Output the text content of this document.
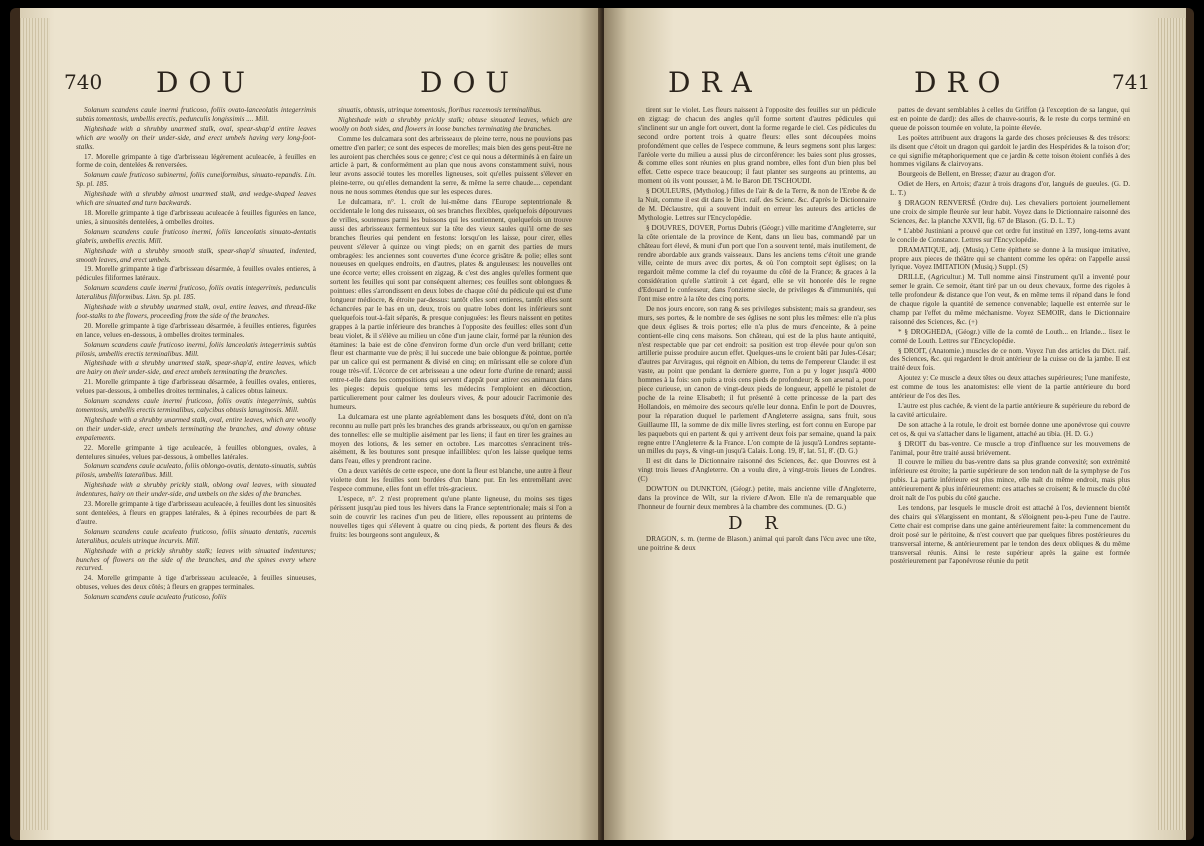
740 DOU	DOU

Solanum scandens caule inermi fruticoso, foliis ovato-lanceolatis integerrimis subtùs tomentosis, umbellis erectis, pedunculis longissimis .... Mill.

Nightshade with a shrubby unarmed stalk, oval, spear-shap'd entire leaves which are woolly on their under-side, and erect umbels having very long-foot-stalks.

17. Morelle grimpante à tige d'arbrisseau légérement aculeacée, à feuilles en forme de coin, dentelées & renversées.

Solanum caule fruticoso subinermi, foliis cuneiformibus, sinuato-repandis. Lin. Sp. pl. 185.

Nightshade with a shrubby almost unarmed stalk, and wedge-shaped leaves which are sinuated and turn backwards.

18. Morelle grimpante à tige d'arbrisseau aculeacée à feuilles figurées en lance, unies, à sinuosités dentelées, à ombelles droites.

Solanum scandens caule fruticoso inermi, foliis lanceolatis sinuato-dentatis glabris, umbellis erectis. Mill.

Nightshade with a shrubby smooth stalk, spear-shap'd sinuated, indented, smooth leaves, and erect umbels.

19. Morelle grimpante à tige d'arbrisseau désarmée, à feuilles ovales entieres, à pédicules filiformes latéraux.

Solanum scandens caule inermi fruticoso, foliis ovatis integerrimis, pedunculis lateralibus filiformibus. Linn. Sp. pl. 185.

Nightshade with a shrubby unarmed stalk, oval, entire leaves, and thread-like foot-stalks to the flowers, proceeding from the side of the branches.

20. Morelle grimpante à tige d'arbrisseau désarmée, à feuilles entieres, figurées en lance, velues en-dessous, à ombelles droites terminales.

Solanum scandens caule fruticoso inermi, foliis lanceolatis integerrimis subtùs pilosis, umbellis erectis terminalibus. Mill.

Nightshade with a shrubby unarmed stalk, spear-shap'd, entire leaves, which are hairy on their under-side, and erect umbels terminating the branches.

21. Morelle grimpante à tige d'arbrisseau désarmée, à feuilles ovales, entieres, velues par-dessous, à ombelles droites terminales, à calices obtus laineux.

Solanum scandens caule inermi fruticoso, foliis ovatis integerrimis, subtùs tomentosis, umbellis erectis terminalibus, calycibus obtusis lanuginosis. Mill.

Nightshade with a shrubby unarmed stalk, oval, entire leaves, which are woolly on their under-side, erect umbels terminating the branches, and downy obtuse empalements.

22. Morelle grimpante à tige aculeacée, à feuilles oblongues, ovales, à dentelures sinuées, velues par-dessous, à ombelles latérales.

Solanum scandens caule aculeato, foliis oblongo-ovatis, dentato-sinuatis, subtùs pilosis, umbellis lateralibus. Mill.

Nightshade with a shrubby prickly stalk, oblong oval leaves, with sinuated indentures, hairy on their under-side, and umbels on the sides of the branches.

23. Morelle grimpante à tige d'arbrisseau aculeacée, à feuilles dont les sinuosités sont dentelées, à fleurs en grappes latérales, & à épines recourbées de part & d'autre.

Solanum scandens caule aculeato fruticoso, foliis sinuato dentatis, racemis lateralibus, aculeis utrinque incurvis. Mill.

Nightshade with a prickly shrubby stalk; leaves with sinuated indentures; bunches of flowers on the side of the branches, and the spines every where recurved.

24. Morelle grimpante à tige d'arbrisseau aculeacée, à feuilles sinueuses, obtuses, velues des deux côtés; à fleurs en grappes terminales.

Solanum scandens caule aculeato fruticoso, foliis

sinuatis, obtusis, utrinque tomentosis, floribus racemosis terminalibus.

Nightshade with a shrubby prickly stalk; obtuse sinuated leaves, which are woolly on both sides, and flowers in loose bunches terminating the branches.

Comme les dulcamara sont des arbrisseaux de pleine terre, nous ne pouvions pas omettre d'en parler; ce sont des especes de morelles; mais bien des gens peut-être ne les auroient pas cherchées sous ce genre; c'est ce qui nous a déterminés à en faire un article à part, & conformément au plan que nous avons constamment suivi, nous leur avons associé toutes les morelles ligneuses, soit qu'elles puissent s'élever en pleine-terre, ou qu'elles demandent la serre, & même la serre chaude.... cependant nous ne nous sommes étendus que sur les especes dures.

Le dulcamara, n°. 1. croît de lui-même dans l'Europe septentrionale & occidentale le long des ruisseaux, où ses branches flexibles, quelquefois dépourvues de vrilles, soutenues parmi les buissons qui les soutiennent, quelquefois un trouve aussi des arbrisseaux fermenteux sur la tête des vieux saules qui'il orne de ses branches fleuries qui pendent en festons: lorsqu'on les laisse, pour cirer, elles peuvent s'élever à quinze ou vingt pieds; on en garnit des parties de murs ombragées: les anciennes sont couvertes d'une écorce grisâtre & polie; elles sont noueuses en quelques endroits, en d'autres, plates & anguleuses: les nouvelles ont une écorce verte; elles croissent en zigzag, & c'est des angles qu'elles forment que sortent les feuilles qui sont par conséquent alternes; ces feuilles sont oblongues & pointues: elles s'arrondissent en deux lobes de chaque côté du pédicule qui est d'une longueur médiocre, & étroite par-dessus: tantôt elles sont entieres, tantôt elles sont échancrées par le bas en un, deux, trois ou quatre lobes dont les inférieurs sont quelquefois tout-à-fait séparés, & presque conjuguées: les fleurs naissent en petites grappes à la partie inférieure des branches à l'opposite des feuilles: elles sont d'un beau violet, & il s'élève au milieu un cône d'un jaune clair, formé par la réunion des étamines: la baie est de cône d'environ forme d'un orcle d'un verd brillant; cette fleur est charmante vue de près; il lui succede une baie oblongue & pointue, portée par un calice qui est permanent & divisé en cinq; en mûrissant elle se colore d'un rouge très-vif. L'écorce de cet arbrisseau a une odeur forte d'urine de renard; aussi entre-t-elle dans les compositions qui servent d'appât pour attirer ces animaux dans les pieges: depuis quelque tems les médecins l'emploient en décoction, particulierement pour calmer les douleurs vives, & pour adoucir l'acrimonie des humeurs.

La dulcamara est une plante agréablement dans les bosquets d'été, dont on n'a reconnu au nulle part près les branches des grands arbrisseaux, ou qu'on en garnisse des tonnelles: elle se multiplie aisément par les liens; il faut en tirer les graines au moyen des lotions, & les semer en octobre. Les marcottes s'enracinent très-aisément, & les boutures sont presque infaillibles: qu'on les laisse quelque tems dans l'eau, elles y prendront racine.

On a deux variétés de cette espece, une dont la fleur est blanche, une autre à fleur violette dont les feuilles sont bordées d'un blanc pur. En les entremêlant avec l'espece commune, elles font un effet très-gracieux.

L'espece, n°. 2 n'est proprement qu'une plante ligneuse, du moins ses tiges périssent jusqu'au pied tous les hivers dans la France septentrionale; mais si l'on a soin de couvrir les racines d'un peu de litiere, elles repoussent au printems de nouvelles tiges qui s'élevent à quatre ou cinq pieds, & portent des fleurs & des fruits: les bourgeons sont anguleux, &

DRA	DRO	741

tirent sur le violet. Les fleurs naissent à l'opposite des feuilles sur un pédicule en zigzag: de chacun des angles qu'il forme sortent d'autres pédicules qui s'inclinent sur un angle fort ouvert, dont la forme regarde le ciel. Ces pédicules du second ordre portent trois à quatre fleurs: elles sont découpées moins profondément que celles de l'espece commune, & leurs segmens sont plus larges: l'aréole verte du milieu a aussi plus de circonférence: les baies sont plus grosses, & comme elles sont réunies en plus grand nombre, elles font d'un bien plus bel effet. Cette espece trace beaucoup; il faut planter ses surgeons au printems, au moment où ils vont pousser, à M. le Baron DE TSCHOUDI.

§ DOULEURS, (Mytholog.) filles de l'air & de la Terre, & non de l'Erebe & de la Nuit, comme il est dit dans le Dict. raif. des Scienc. &c. d'après le Dictionnaire de M. Déclaustre, qui a souvent induit en erreur les auteurs des articles de Mythologie. Lettres sur l'Encyclopédie.

§ DOUVRES, DOVER, Portus Dubris (Géogr.) ville maritime d'Angleterre, sur la côte orientale de la province de Kent, dans un lieu bas, commandé par un château fort élevé, & muni d'un port que l'on a souvent tenté, mais inutilement, de rendre abordable aux grands vaisseaux. Dans les anciens tems c'étoit une grande ville, ceinte de murs avec dix portes, & où l'on comptoit sept églises; on la regardoit même comme la clef du royaume du côté de la France; & graces à la considération qu'elle s'attiroit à cet égard, elle se vit honorée dès le regne d'Edouard le confesseur, dans l'onzieme siecle, de privileges & d'immunités, qui l'ont mise entre à la tête des cinq ports.

De nos jours encore, son rang & ses privileges subsistent; mais sa grandeur, ses murs, ses portes, & le nombre de ses églises ne sont plus les mêmes: elle n'a plus que deux églises & trois portes; elle n'a plus de murs d'enceinte, & à peine contient-elle cinq cens maisons. Son château, qui est de la plus haute antiquité, n'est respectable que par cet endroit: sa position est trop élevée pour qu'on son artillerie puisse produire aucun effet. Quelques-uns le croient bâti par Jules-César; d'autres par Arviragus, qui régnoit en Albion, du tems de l'empereur Claude: il est vaste, au point que pendant la derniere guerre, l'on a pu y loger jusqu'à 4000 hommes à la fois: son puits a trois cens pieds de profondeur; & son arsenal a, pour piece curieuse, un canon de vingt-deux pieds de longueur, appellé le pistolet de poche de la reine Elisabeth; il fut présenté à cette princesse de la part des Hollandois, en mémoire des secours qu'elle leur donna. Enfin le port de Douvres, pour la réparation duquel le parlement d'Angleterre assigna, sans fruit, sous Guillaume III, la somme de dix mille livres sterling, est fort connu en Europe par les paquebots qui en partent & qui y arrivent deux fois par semaine, quand la paix regne entre l'Angleterre & la France. L'on compte de là jusqu'à Londres septante-un milles du pays, & vingt-un jusqu'à Calais. Long. 19, 8', lat. 51, 8'. (D. G.)

Il est dit dans le Dictionnaire raisonné des Sciences, &c. que Douvres est à vingt trois lieues d'Angleterre. On a voulu dire, à vingt-trois lieues de Londres. (C)

DOWTON ou DUNKTON, (Géogr.) petite, mais ancienne ville d'Angleterre, dans la province de Wilt, sur la riviere d'Avon. Elle n'a de remarquable que l'honneur de fournir deux membres à la chambre des communes. (D. G.)

D R

DRAGON, s. m. (terme de Blason.) animal qui paroît dans l'écu avec une tête, une poitrine & deux

pattes de devant semblables à celles du Griffon (à l'exception de sa langue, qui est en pointe de dard): des aîles de chauve-souris, & le reste du corps terminé en queue de poisson tournée en volute, la pointe élevée.

Les poëtes attribuent aux dragons la garde des choses précieuses & des trésors: ils disent que c'étoit un dragon qui gardoit le jardin des Hespérides & la toison d'or; ce qui signifie métaphoriquement que ce jardin & cette toison étoient confiés à des hommes vigilans & clairvoyans.

Bourgeois de Bellent, en Bresse; d'azur au dragon d'or.

Odiet de Hers, en Artois; d'azur à trois dragons d'or, langués de gueules. (G. D. L. T.)

§ DRAGON RENVERSÉ (Ordre du). Les chevaliers portoient journellement une croix de simple fleurée sur leur habit. Voyez dans le Dictionnaire raisonné des Sciences, &c. la planche XXVII, fig. 67 de Blason. (G. D. L. T.)

* L'abbé Justiniani a prouvé que cet ordre fut institué en 1397, long-tems avant le concile de Constance. Lettres sur l'Encyclopédie.

DRAMATIQUE, adj. (Musiq.) Cette épithete se donne à la musique imitative, propre aux pieces de théâtre qui se chantent comme les opéra: on l'appelle aussi lyrique. Voyez IMITATION (Musiq.) Suppl. (S)

DRILLE, (Agricultur.) M. Tull nomme ainsi l'instrument qu'il a inventé pour semer le grain. Ce semoir, étant tiré par un ou deux chevaux, forme des rigoles à telle profondeur & distance que l'on veut, & en même tems il répand dans le fond de chaque rigole la quantité de semence convenable; laquelle est enterrée sur le champ par l'effet du même méchanisme. Voyez SEMOIR, dans le Dictionnaire raisonné des Sciences, &c. (+)

* § DROGHEDA, (Géogr.) ville de la comté de Louth... en Irlande... lisez le comté de Louth. Lettres sur l'Encyclopédie.

§ DROIT, (Anatomie.) muscles de ce nom. Voyez l'un des articles du Dict. raif. des Sciences, &c. qui regardent le droit antérieur de la cuisse ou de la jambe. Il est traité deux fois.

Ajoutez y: Ce muscle a deux têtes ou deux attaches supérieures; l'une manifeste, est comme de tous les anatomistes: elle vient de la partie antérieure du bord antérieur de l'os des îles.

L'autre est plus cachée, & vient de la partie antérieure & supérieure du rebord de la cavité articulaire.

De son attache à la rotule, le droit est bornée donne une aponévrose qui couvre cet os, & qui va s'attacher dans le ligament, attaché au tibia. (H. D. G.)

§ DROIT du bas-ventre. Ce muscle a trop d'influence sur les mouvemens de l'animal, pour être traité aussi briévement.

Il couvre le milieu du bas-ventre dans sa plus grande convexité; son extrémité inférieure est étroite; la partie supérieure de son tendon naît de la symphyse de l'os pubis. La partie inférieure est plus mince, elle naît du même endroit, mais plus antérieurement & plus inférieurement: ces attaches se croisent; & le muscle du côté droit naît de l'os pubis du côté gauche.

Les tendons, par lesquels le muscle droit est attaché à l'os, deviennent bientôt des chairs qui s'élargissent en montant, & s'éloignent peu-à-peu l'une de l'autre. Cette chair est comprise dans une gaine antérieurement faite: la commencement du droit posé sur le péritoine, & n'est couvert que par quelques fibres postérieures du transversal interne, & antérieurement par le tendon des deux obliques & du même transversal réunis. Ainsi le reste supérieur après la gaine est formée postérieurement par l'aponévrose réunie du petit
